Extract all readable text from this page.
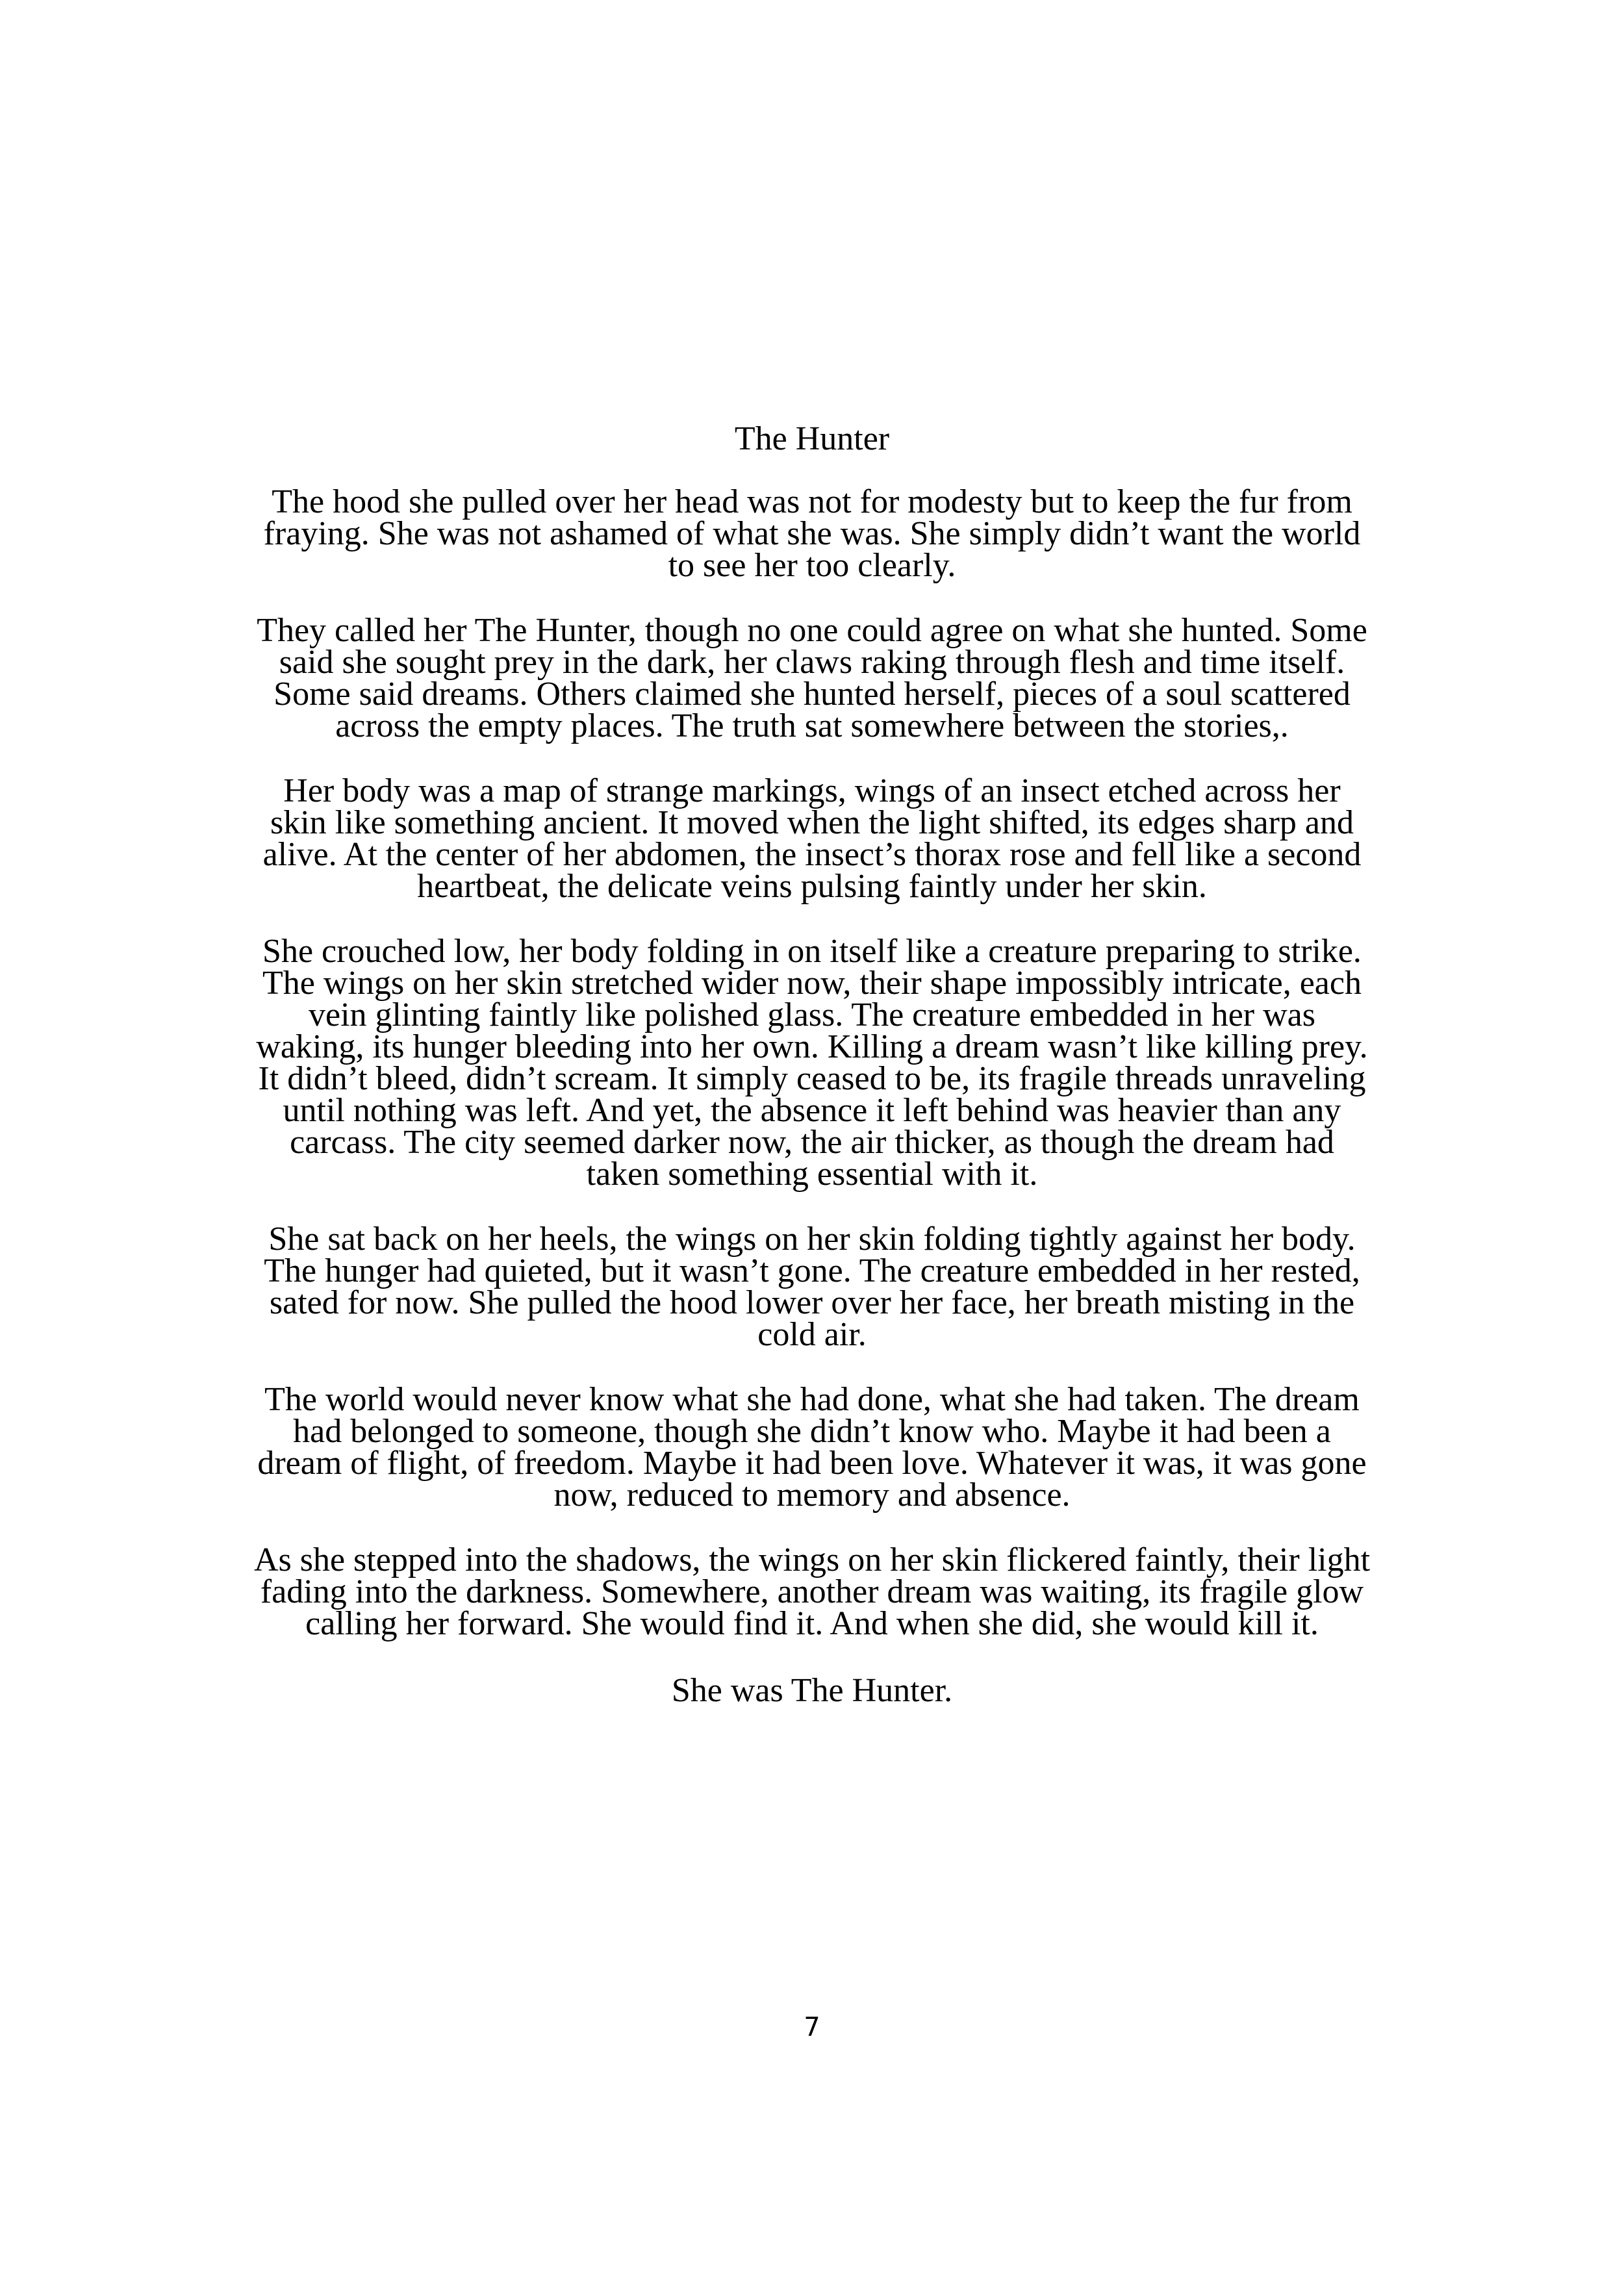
The Hunter

The hood she pulled over her head was not for modesty but to keep the fur from fraying. She was not ashamed of what she was. She simply didn’t want the world to see her too clearly.

They called her The Hunter, though no one could agree on what she hunted. Some said she sought prey in the dark, her claws raking through flesh and time itself. Some said dreams. Others claimed she hunted herself, pieces of a soul scattered across the empty places. The truth sat somewhere between the stories,.

Her body was a map of strange markings, wings of an insect etched across her skin like something ancient. It moved when the light shifted, its edges sharp and alive. At the center of her abdomen, the insect’s thorax rose and fell like a second heartbeat, the delicate veins pulsing faintly under her skin.

She crouched low, her body folding in on itself like a creature preparing to strike. The wings on her skin stretched wider now, their shape impossibly intricate, each vein glinting faintly like polished glass. The creature embedded in her was waking, its hunger bleeding into her own. Killing a dream wasn’t like killing prey. It didn’t bleed, didn’t scream. It simply ceased to be, its fragile threads unraveling until nothing was left. And yet, the absence it left behind was heavier than any carcass. The city seemed darker now, the air thicker, as though the dream had taken something essential with it.

She sat back on her heels, the wings on her skin folding tightly against her body. The hunger had quieted, but it wasn’t gone. The creature embedded in her rested, sated for now. She pulled the hood lower over her face, her breath misting in the cold air.

The world would never know what she had done, what she had taken. The dream had belonged to someone, though she didn’t know who. Maybe it had been a dream of flight, of freedom. Maybe it had been love. Whatever it was, it was gone now, reduced to memory and absence.

As she stepped into the shadows, the wings on her skin flickered faintly, their light fading into the darkness. Somewhere, another dream was waiting, its fragile glow calling her forward. She would find it. And when she did, she would kill it.

She was The Hunter.

7
